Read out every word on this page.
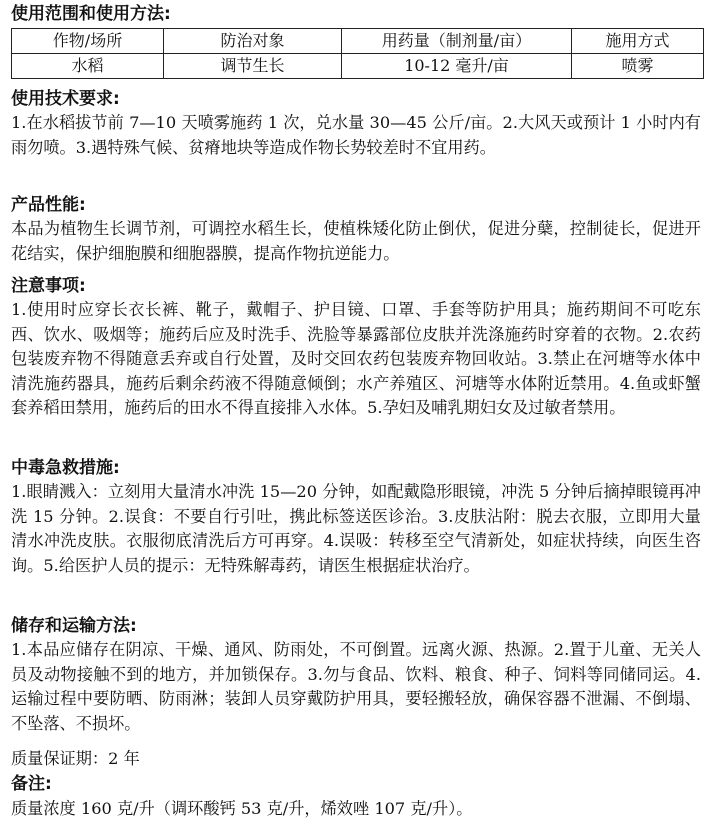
使用范围和使用方法:
作物/场所	防治对象	用药量（制剂量/亩）	施用方式
水稻	调节生长	10-12 毫升/亩	喷雾
使用技术要求:
1.在水稻拔节前 7—10 天喷雾施药 1 次，兑水量 30—45 公斤/亩。2.大风天或预计 1 小时内有雨勿喷。3.遇特殊气候、贫瘠地块等造成作物长势较差时不宜用药。
产品性能:
本品为植物生长调节剂，可调控水稻生长，使植株矮化防止倒伏，促进分蘖，控制徒长，促进开花结实，保护细胞膜和细胞器膜，提高作物抗逆能力。
注意事项:
1.使用时应穿长衣长裤、靴子，戴帽子、护目镜、口罩、手套等防护用具；施药期间不可吃东西、饮水、吸烟等；施药后应及时洗手、洗脸等暴露部位皮肤并洗涤施药时穿着的衣物。2.农药包装废弃物不得随意丢弃或自行处置，及时交回农药包装废弃物回收站。3.禁止在河塘等水体中清洗施药器具，施药后剩余药液不得随意倾倒；水产养殖区、河塘等水体附近禁用。4.鱼或虾蟹套养稻田禁用，施药后的田水不得直接排入水体。5.孕妇及哺乳期妇女及过敏者禁用。
中毒急救措施:
1.眼睛溅入：立刻用大量清水冲洗 15—20 分钟，如配戴隐形眼镜，冲洗 5 分钟后摘掉眼镜再冲洗 15 分钟。2.误食：不要自行引吐，携此标签送医诊治。3.皮肤沾附：脱去衣服，立即用大量清水冲洗皮肤。衣服彻底清洗后方可再穿。4.误吸：转移至空气清新处，如症状持续，向医生咨询。5.给医护人员的提示：无特殊解毒药，请医生根据症状治疗。
储存和运输方法:
1.本品应储存在阴凉、干燥、通风、防雨处，不可倒置。远离火源、热源。2.置于儿童、无关人员及动物接触不到的地方，并加锁保存。3.勿与食品、饮料、粮食、种子、饲料等同储同运。4.运输过程中要防晒、防雨淋；装卸人员穿戴防护用具，要轻搬轻放，确保容器不泄漏、不倒塌、不坠落、不损坏。
质量保证期：2 年
备注:
质量浓度 160 克/升（调环酸钙 53 克/升，烯效唑 107 克/升）。
